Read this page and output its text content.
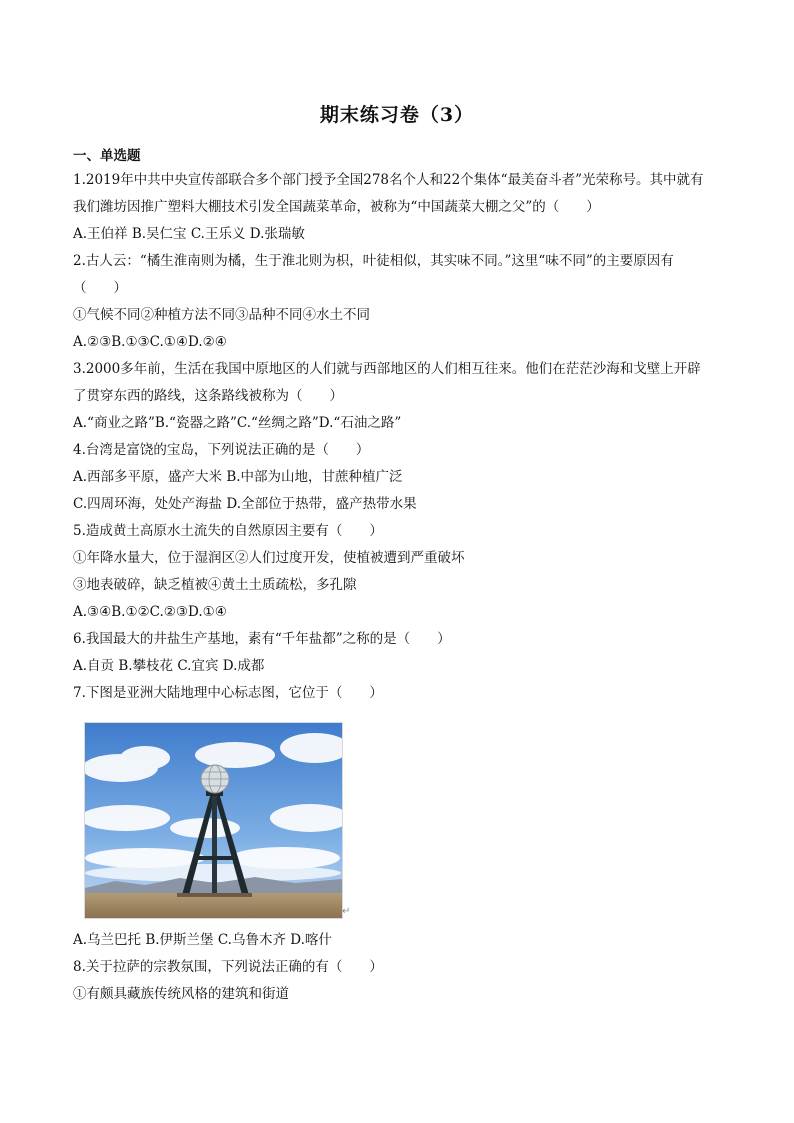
期末练习卷（3）
一、单选题
1.2019年中共中央宣传部联合多个部门授予全国278名个人和22个集体“最美奋斗者”光荣称号。其中就有
我们潍坊因推广塑料大棚技术引发全国蔬菜革命，被称为“中国蔬菜大棚之父”的（　　）
A.王伯祥 B.吴仁宝 C.王乐义 D.张瑞敏
2.古人云：“橘生淮南则为橘，生于淮北则为枳，叶徒相似，其实味不同。”这里“味不同”的主要原因有
（　　）
①气候不同②种植方法不同③品种不同④水土不同
A.②③B.①③C.①④D.②④
3.2000多年前，生活在我国中原地区的人们就与西部地区的人们相互往来。他们在茫茫沙海和戈壁上开辟
了贯穿东西的路线，这条路线被称为（　　）
A.“商业之路”B.“瓷器之路”C.“丝绸之路”D.“石油之路”
4.台湾是富饶的宝岛，下列说法正确的是（　　）
A.西部多平原，盛产大米 B.中部为山地，甘蔗种植广泛
C.四周环海，处处产海盐 D.全部位于热带，盛产热带水果
5.造成黄土高原水土流失的自然原因主要有（　　）
①年降水量大，位于湿润区②人们过度开发，使植被遭到严重破坏
③地表破碎，缺乏植被④黄土土质疏松，多孔隙
A.③④B.①②C.②③D.①④
6.我国最大的井盐生产基地，素有“千年盐都”之称的是（　　）
A.自贡 B.攀枝花 C.宜宾 D.成都
7.下图是亚洲大陆地理中心标志图，它位于（　　）
↵
A.乌兰巴托 B.伊斯兰堡 C.乌鲁木齐 D.喀什
8.关于拉萨的宗教氛围，下列说法正确的有（　　）
①有颇具藏族传统风格的建筑和街道
